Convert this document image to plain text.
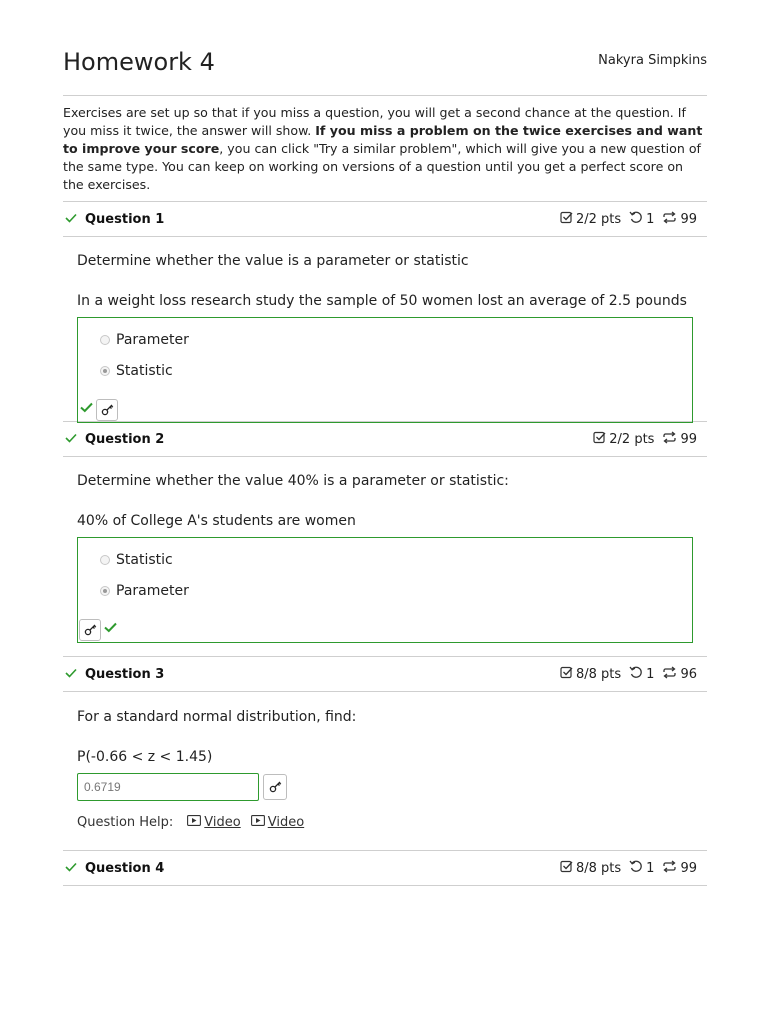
Homework 4	Nakyra Simpkins
Exercises are set up so that if you miss a question, you will get a second chance at the question. If you miss it twice, the answer will show. If you miss a problem on the twice exercises and want to improve your score, you can click "Try a similar problem", which will give you a new question of the same type. You can keep on working on versions of a question until you get a perfect score on the exercises.
Question 1	2/2 pts 1 99

Determine whether the value is a parameter or statistic

In a weight loss research study the sample of 50 women lost an average of 2.5 pounds

Parameter
Statistic
Question 2	2/2 pts 99

Determine whether the value 40% is a parameter or statistic:

40% of College A's students are women

Statistic
Parameter
Question 3	8/8 pts 1 96

For a standard normal distribution, find:

P(-0.66 < z < 1.45)

0.6719
Question Help: Video Video
Question 4	8/8 pts 1 99
